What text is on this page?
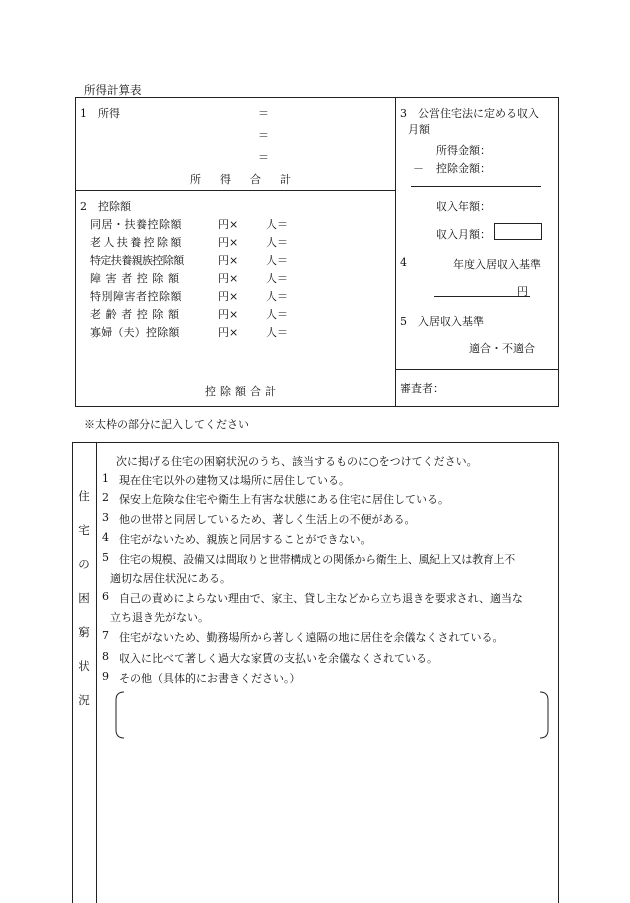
所得計算表
1　所得	＝
＝
＝
所　得　合　計
2　控除額
同居・扶養控除額	円×	人＝
老人扶養控除額	円×	人＝
特定扶養親族控除額	円×	人＝
障害者控除額	円×	人＝
特別障害者控除額	円×	人＝
老齢者控除額	円×	人＝
寡婦（夫）控除額	円×	人＝
控除額合計
3　公営住宅法に定める収入
月額
所得金額：
－ 控除金額：
収入年額：
収入月額：
4	年度入居収入基準
円
5　入居収入基準
適合・不適合
審査者：
※太枠の部分に記入してください
住
宅
の
困
窮
状
況
次に掲げる住宅の困窮状況のうち、該当するものに○をつけてください。
1 現在住宅以外の建物又は場所に居住している。
2 保安上危険な住宅や衛生上有害な状態にある住宅に居住している。
3 他の世帯と同居しているため、著しく生活上の不便がある。
4 住宅がないため、親族と同居することができない。
5 住宅の規模、設備又は間取りと世帯構成との関係から衛生上、風紀上又は教育上不
適切な居住状況にある。
6 自己の責めによらない理由で、家主、貸し主などから立ち退きを要求され、適当な
立ち退き先がない。
7 住宅がないため、勤務場所から著しく遠隔の地に居住を余儀なくされている。
8 収入に比べて著しく過大な家賃の支払いを余儀なくされている。
9 その他（具体的にお書きください。）
